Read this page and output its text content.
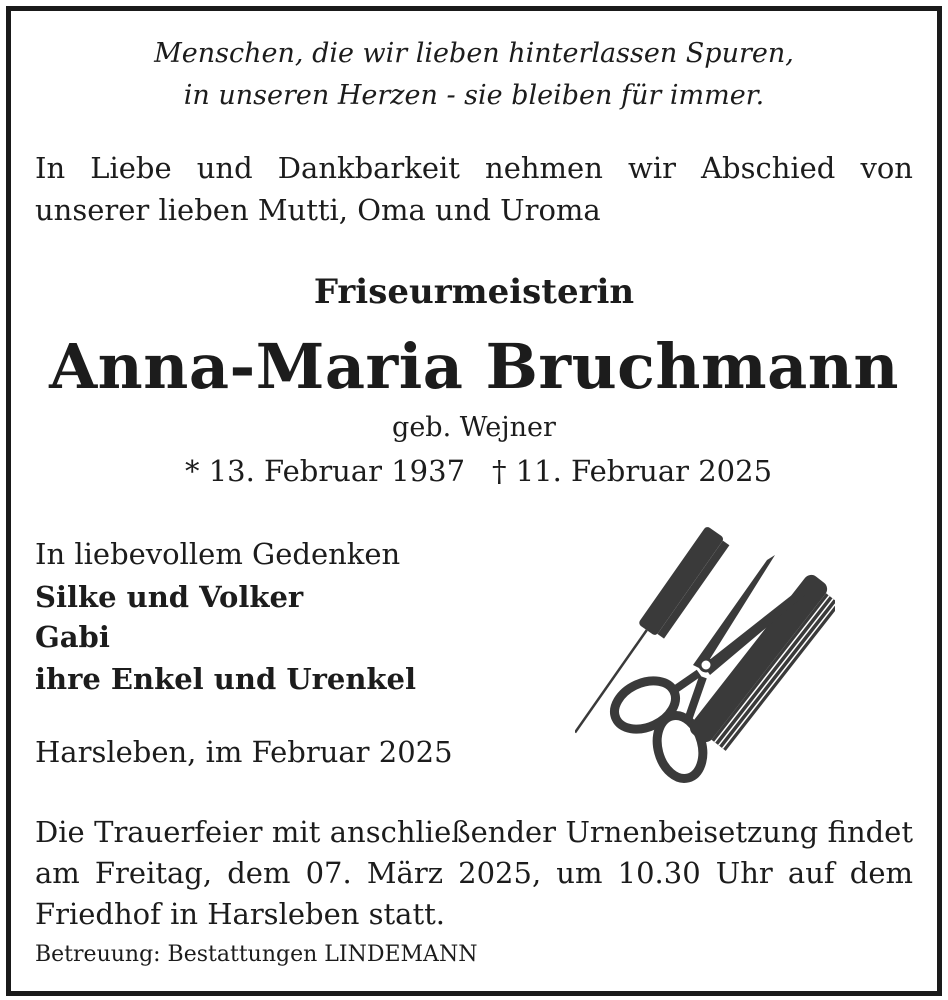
Menschen, die wir lieben hinterlassen Spuren,
in unseren Herzen - sie bleiben für immer.
In Liebe und Dankbarkeit nehmen wir Abschied von
unserer lieben Mutti, Oma und Uroma
Friseurmeisterin
Anna-Maria Bruchmann
geb. Wejner
* 13. Februar 1937 † 11. Februar 2025
In liebevollem Gedenken
Silke und Volker
Gabi
ihre Enkel und Urenkel
Harsleben, im Februar 2025
Die Trauerfeier mit anschließender Urnenbeisetzung findet
am Freitag, dem 07. März 2025, um 10.30 Uhr auf dem
Friedhof in Harsleben statt.
Betreuung: Bestattungen LINDEMANN
